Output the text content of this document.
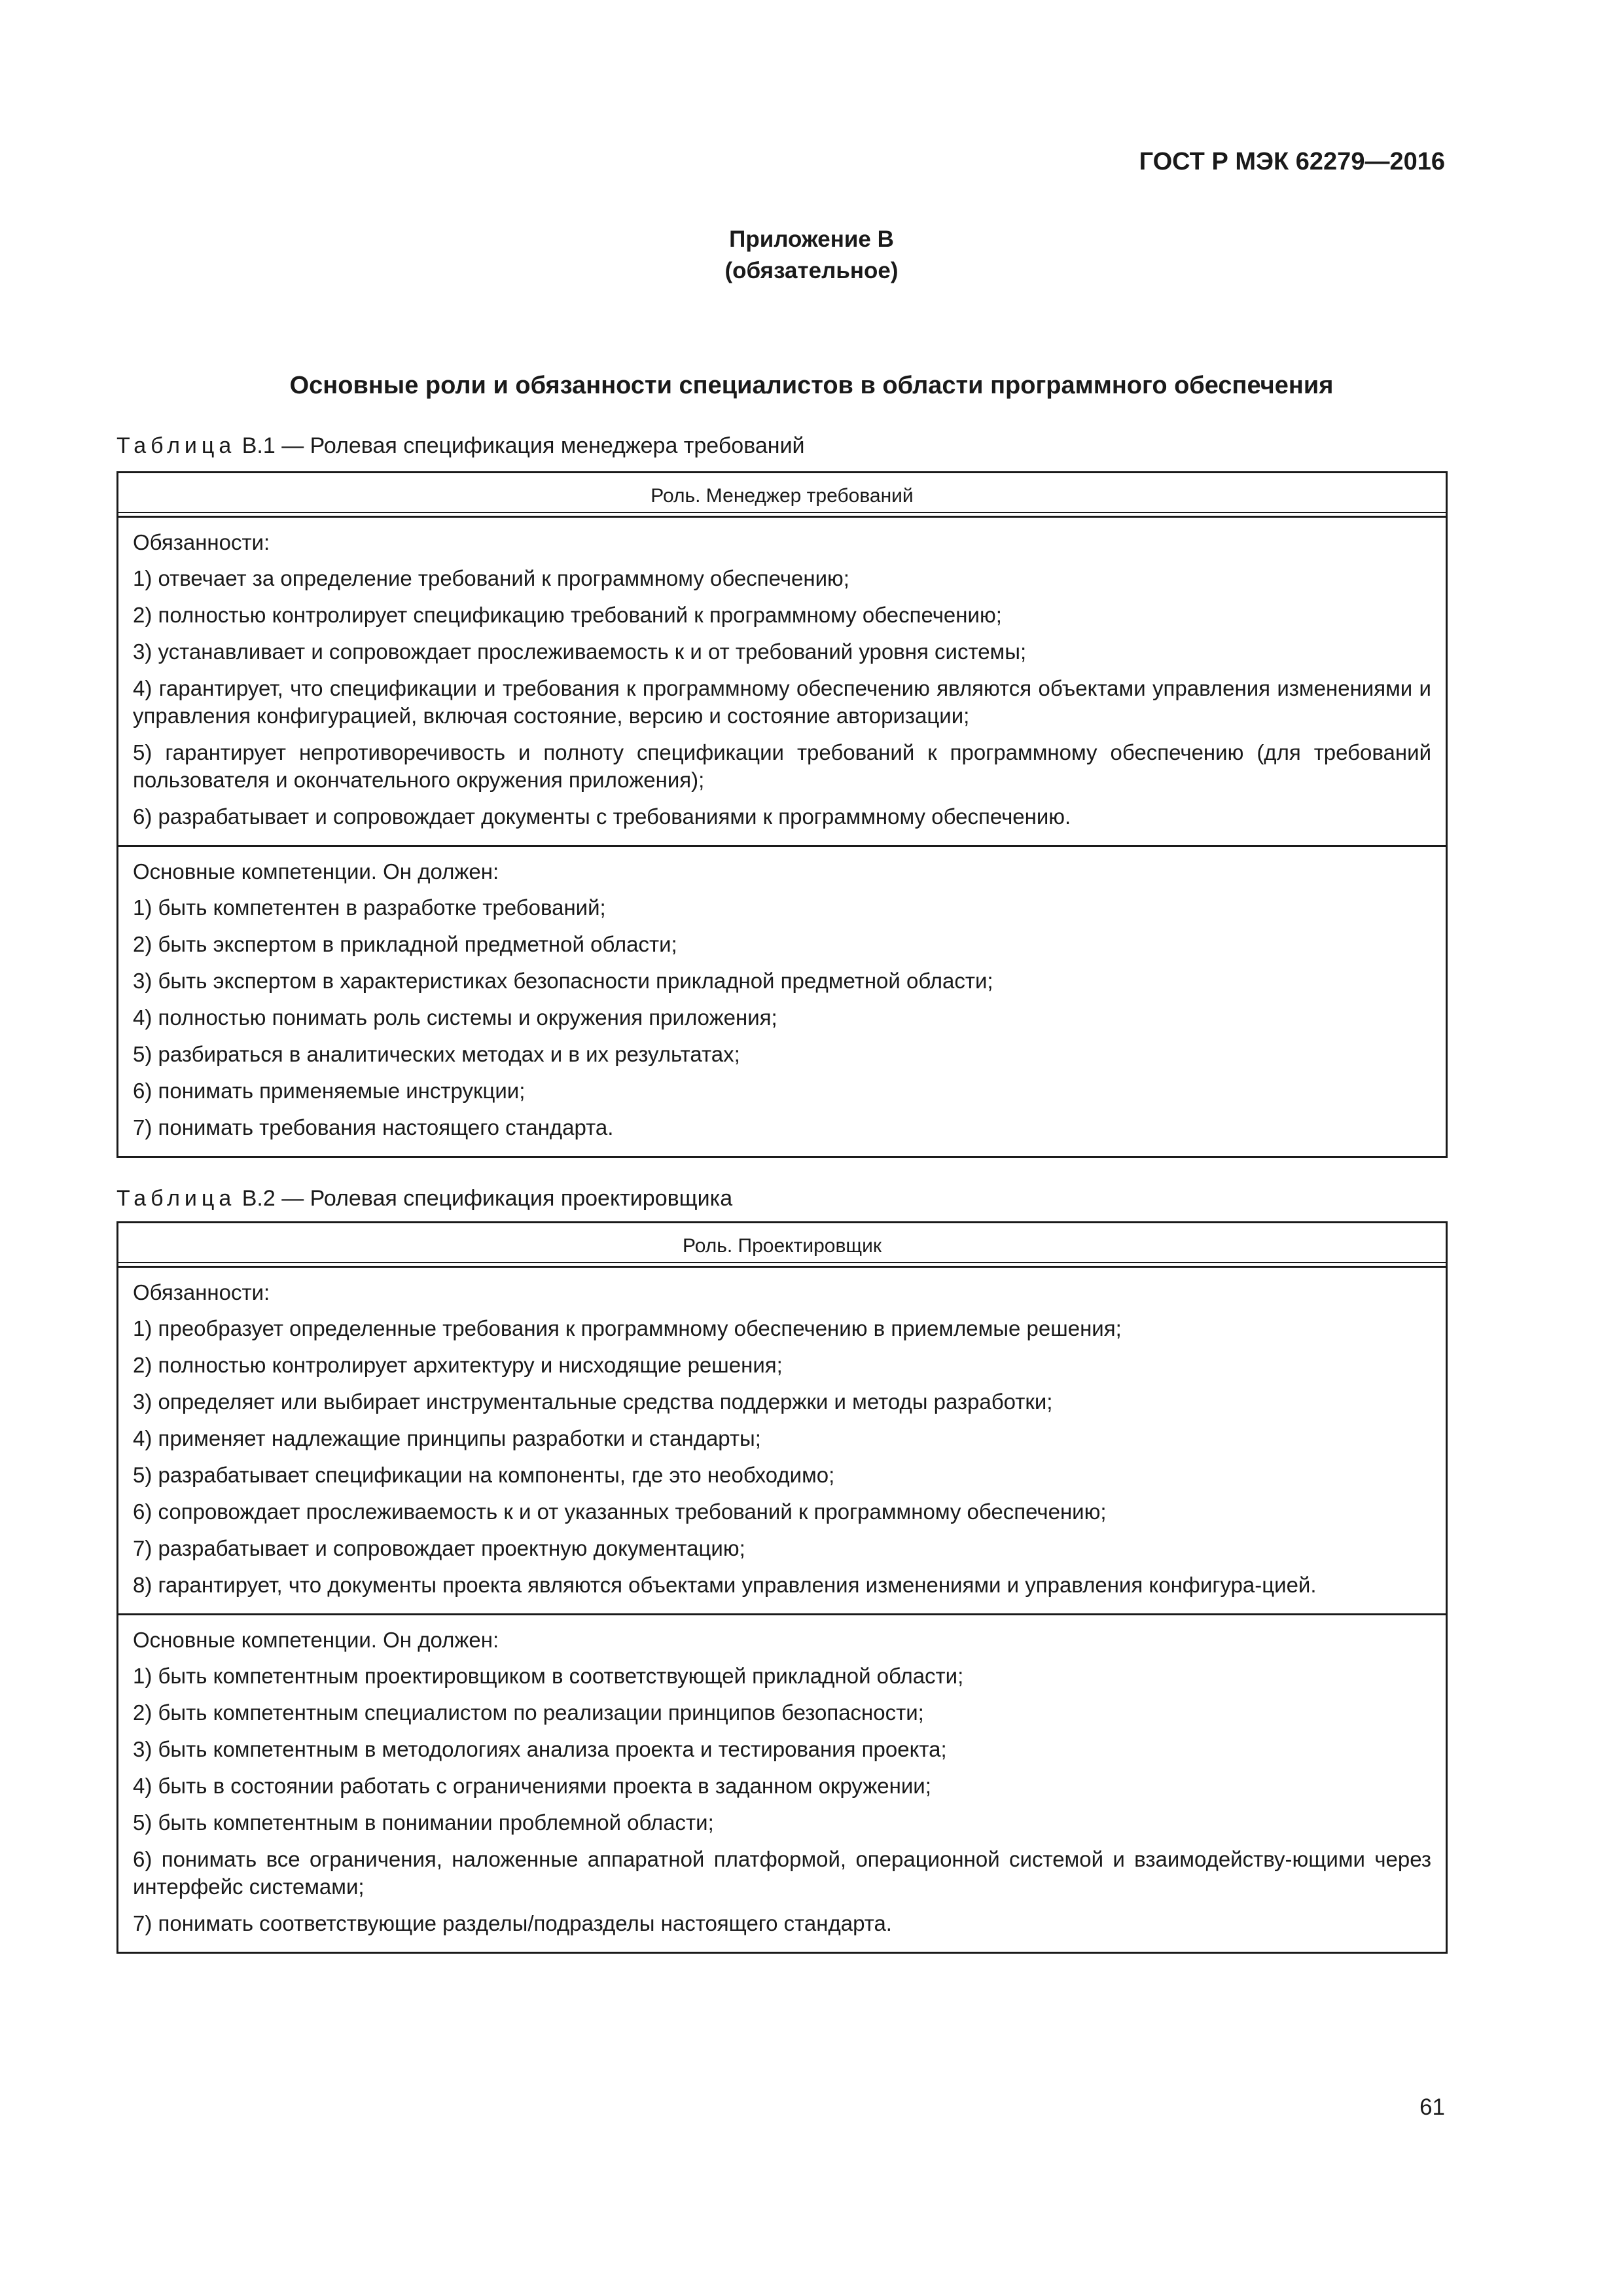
ГОСТ Р МЭК 62279—2016
Приложение В
(обязательное)
Основные роли и обязанности специалистов в области программного обеспечения
Таблица В.1 — Ролевая спецификация менеджера требований
Роль. Менеджер требований
Обязанности:
1) отвечает за определение требований к программному обеспечению;
2) полностью контролирует спецификацию требований к программному обеспечению;
3) устанавливает и сопровождает прослеживаемость к и от требований уровня системы;
4) гарантирует, что спецификации и требования к программному обеспечению являются объектами управления изменениями и управления конфигурацией, включая состояние, версию и состояние авторизации;
5) гарантирует непротиворечивость и полноту спецификации требований к программному обеспечению (для требований пользователя и окончательного окружения приложения);
6) разрабатывает и сопровождает документы с требованиями к программному обеспечению.
Основные компетенции. Он должен:
1) быть компетентен в разработке требований;
2) быть экспертом в прикладной предметной области;
3) быть экспертом в характеристиках безопасности прикладной предметной области;
4) полностью понимать роль системы и окружения приложения;
5) разбираться в аналитических методах и в их результатах;
6) понимать применяемые инструкции;
7) понимать требования настоящего стандарта.
Таблица В.2 — Ролевая спецификация проектировщика
Роль. Проектировщик
Обязанности:
1) преобразует определенные требования к программному обеспечению в приемлемые решения;
2) полностью контролирует архитектуру и нисходящие решения;
3) определяет или выбирает инструментальные средства поддержки и методы разработки;
4) применяет надлежащие принципы разработки и стандарты;
5) разрабатывает спецификации на компоненты, где это необходимо;
6) сопровождает прослеживаемость к и от указанных требований к программному обеспечению;
7) разрабатывает и сопровождает проектную документацию;
8) гарантирует, что документы проекта являются объектами управления изменениями и управления конфигура-цией.
Основные компетенции. Он должен:
1) быть компетентным проектировщиком в соответствующей прикладной области;
2) быть компетентным специалистом по реализации принципов безопасности;
3) быть компетентным в методологиях анализа проекта и тестирования проекта;
4) быть в состоянии работать с ограничениями проекта в заданном окружении;
5) быть компетентным в понимании проблемной области;
6) понимать все ограничения, наложенные аппаратной платформой, операционной системой и взаимодейству-ющими через интерфейс системами;
7) понимать соответствующие разделы/подразделы настоящего стандарта.
61
